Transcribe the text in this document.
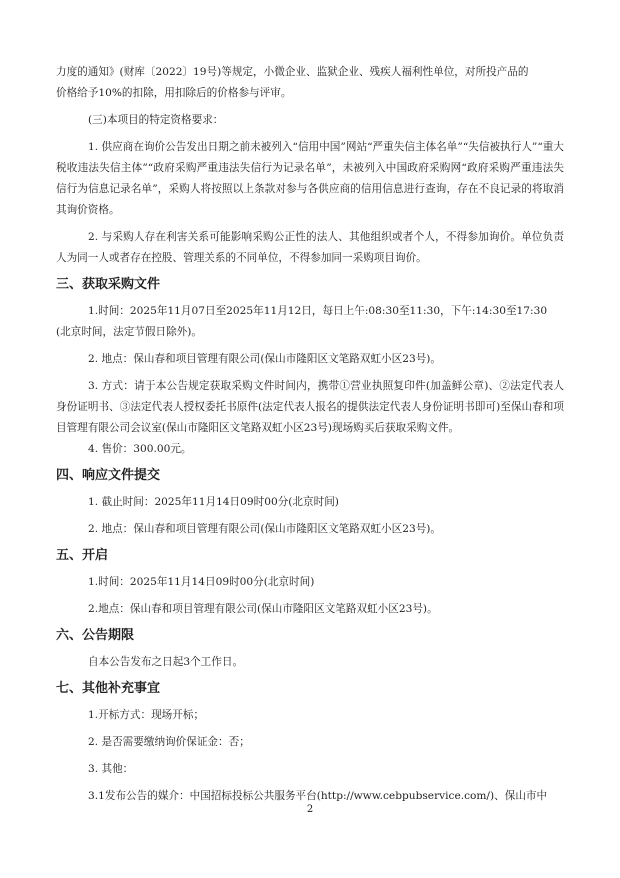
力度的通知》(财库〔2022〕19号)等规定，小微企业、监狱企业、残疾人福利性单位，对所投产品的

价格给予10%的扣除，用扣除后的价格参与评审。

(三)本项目的特定资格要求：

1. 供应商在询价公告发出日期之前未被列入“信用中国”网站“严重失信主体名单”“失信被执行人”“重大税收违法失信主体”“政府采购严重违法失信行为记录名单”，未被列入中国政府采购网“政府采购严重违法失信行为信息记录名单”，采购人将按照以上条款对参与各供应商的信用信息进行查询，存在不良记录的将取消其询价资格。

2. 与采购人存在利害关系可能影响采购公正性的法人、其他组织或者个人，不得参加询价。单位负责人为同一人或者存在控股、管理关系的不同单位，不得参加同一采购项目询价。

三、获取采购文件

1.时间：2025年11月07日至2025年11月12日，每日上午:08:30至11:30，下午:14:30至17:30

(北京时间，法定节假日除外)。

2. 地点：保山春和项目管理有限公司(保山市隆阳区文笔路双虹小区23号)。

3. 方式：请于本公告规定获取采购文件时间内，携带①营业执照复印件(加盖鲜公章)、②法定代表人身份证明书、③法定代表人授权委托书原件(法定代表人报名的提供法定代表人身份证明书即可)至保山春和项目管理有限公司会议室(保山市隆阳区文笔路双虹小区23号)现场购买后获取采购文件。

4. 售价：300.00元。

四、响应文件提交

1. 截止时间：2025年11月14日09时00分(北京时间)

2. 地点：保山春和项目管理有限公司(保山市隆阳区文笔路双虹小区23号)。

五、开启

1.时间：2025年11月14日09时00分(北京时间)

2.地点：保山春和项目管理有限公司(保山市隆阳区文笔路双虹小区23号)。

六、公告期限

自本公告发布之日起3个工作日。

七、其他补充事宜

1.开标方式：现场开标；

2. 是否需要缴纳询价保证金：否；

3. 其他：

3.1发布公告的媒介：中国招标投标公共服务平台(http://www.cebpubservice.com/)、保山市中

2
